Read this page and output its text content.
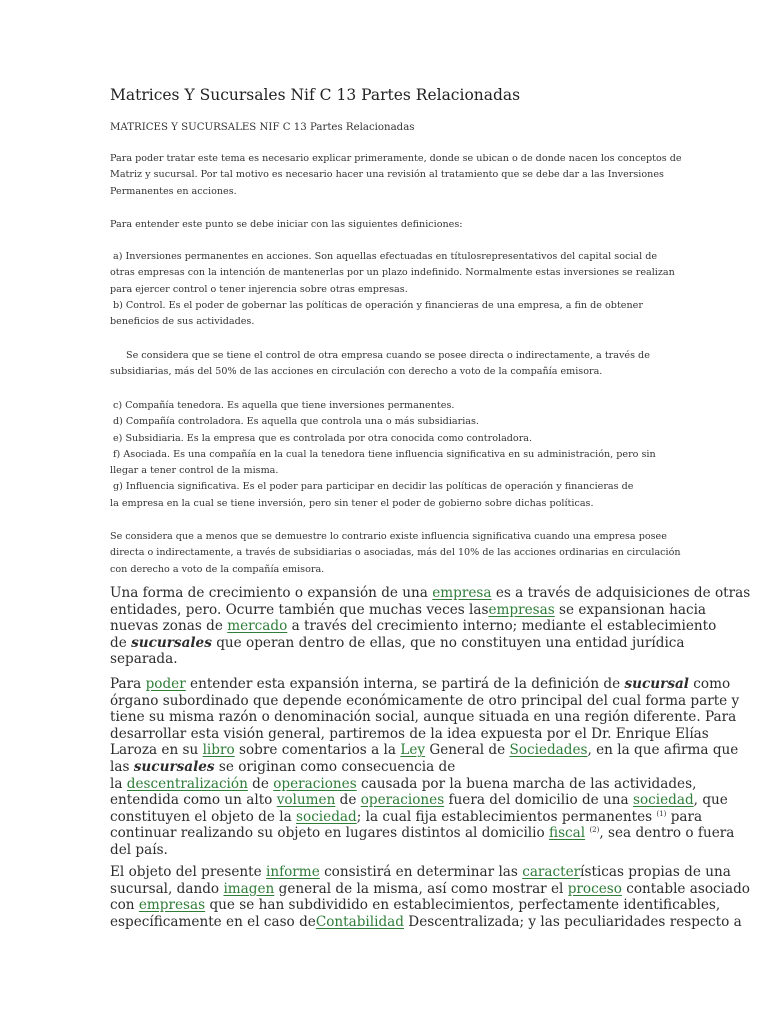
Matrices Y Sucursales Nif C 13 Partes Relacionadas
MATRICES Y SUCURSALES NIF C 13 Partes Relacionadas
Para poder tratar este tema es necesario explicar primeramente, donde se ubican o de donde nacen los conceptos de
Matriz y sucursal. Por tal motivo es necesario hacer una revisión al tratamiento que se debe dar a las Inversiones
Permanentes en acciones.
Para entender este punto se debe iniciar con las siguientes definiciones:
a) Inversiones permanentes en acciones. Son aquellas efectuadas en títulosrepresentativos del capital social de
otras empresas con la intención de mantenerlas por un plazo indefinido. Normalmente estas inversiones se realizan
para ejercer control o tener injerencia sobre otras empresas.
b) Control. Es el poder de gobernar las políticas de operación y financieras de una empresa, a fin de obtener
beneficios de sus actividades.
Se considera que se tiene el control de otra empresa cuando se posee directa o indirectamente, a través de
subsidiarias, más del 50% de las acciones en circulación con derecho a voto de la compañía emisora.
c) Compañía tenedora. Es aquella que tiene inversiones permanentes.
d) Compañía controladora. Es aquella que controla una o más subsidiarias.
e) Subsidiaria. Es la empresa que es controlada por otra conocida como controladora.
f) Asociada. Es una compañía en la cual la tenedora tiene influencia significativa en su administración, pero sin
llegar a tener control de la misma.
g) Influencia significativa. Es el poder para participar en decidir las políticas de operación y financieras de
la empresa en la cual se tiene inversión, pero sin tener el poder de gobierno sobre dichas políticas.
Se considera que a menos que se demuestre lo contrario existe influencia significativa cuando una empresa posee
directa o indirectamente, a través de subsidiarias o asociadas, más del 10% de las acciones ordinarias en circulación
con derecho a voto de la compañía emisora.
Una forma de crecimiento o expansión de una empresa es a través de adquisiciones de otras
entidades, pero. Ocurre también que muchas veces lasempresas se expansionan hacia
nuevas zonas de mercado a través del crecimiento interno; mediante el establecimiento
de sucursales que operan dentro de ellas, que no constituyen una entidad jurídica
separada.
Para poder entender esta expansión interna, se partirá de la definición de sucursal como
órgano subordinado que depende económicamente de otro principal del cual forma parte y
tiene su misma razón o denominación social, aunque situada en una región diferente. Para
desarrollar esta visión general, partiremos de la idea expuesta por el Dr. Enrique Elías
Laroza en su libro sobre comentarios a la Ley General de Sociedades, en la que afirma que
las sucursales se originan como consecuencia de
la descentralización de operaciones causada por la buena marcha de las actividades,
entendida como un alto volumen de operaciones fuera del domicilio de una sociedad, que
constituyen el objeto de la sociedad; la cual fija establecimientos permanentes $^{(1)}$ para
continuar realizando su objeto en lugares distintos al domicilio fiscal $^{(2)}$, sea dentro o fuera
del país.
El objeto del presente informe consistirá en determinar las características propias de una
sucursal, dando imagen general de la misma, así como mostrar el proceso contable asociado
con empresas que se han subdividido en establecimientos, perfectamente identificables,
específicamente en el caso deContabilidad Descentralizada; y las peculiaridades respecto a
